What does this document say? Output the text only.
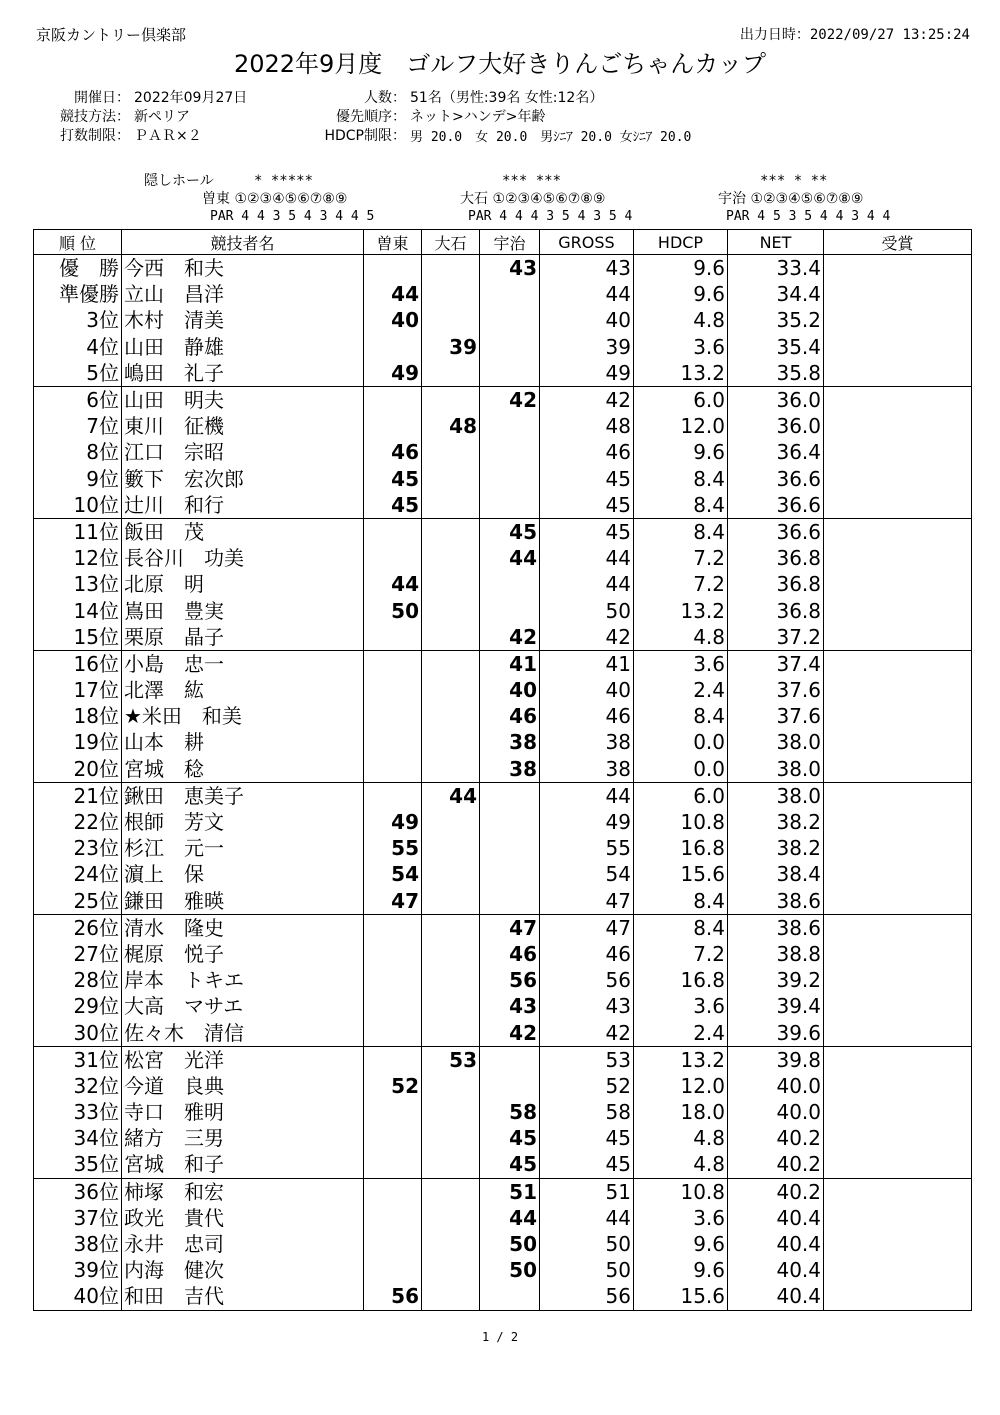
京阪カントリー倶楽部	出力日時：2022/09/27 13:25:24
2022年9月度　ゴルフ大好きりんごちゃんカップ
開催日： 2022年09月27日	人数： 51名（男性:39名 女性:12名）
競技方法： 新ペリア	優先順序： ネット>ハンデ>年齢
打数制限： ＰＡＲ×２	HDCP制限： 男 20.0　女 20.0　男ｼﾆｱ 20.0 女ｼﾆｱ 20.0
隠しホール	* *****
曽東 ①②③④⑤⑥⑦⑧⑨
PAR 4 4 3 5 4 3 4 4 5
*** ***
大石 ①②③④⑤⑥⑦⑧⑨
PAR 4 4 4 3 5 4 3 5 4
*** * **
宇治 ①②③④⑤⑥⑦⑧⑨
PAR 4 5 3 5 4 4 3 4 4
順 位	競技者名	曽東	大石	宇治	GROSS	HDCP	NET	受賞
優　勝	今西　和夫			43	43	9.6	33.4	
準優勝	立山　昌洋	44			44	9.6	34.4	
3位	木村　清美	40			40	4.8	35.2	
4位	山田　静雄		39		39	3.6	35.4	
5位	嶋田　礼子	49			49	13.2	35.8	
6位	山田　明夫			42	42	6.0	36.0	
7位	東川　征機		48		48	12.0	36.0	
8位	江口　宗昭	46			46	9.6	36.4	
9位	籔下　宏次郎	45			45	8.4	36.6	
10位	辻川　和行	45			45	8.4	36.6	
11位	飯田　茂			45	45	8.4	36.6	
12位	長谷川　功美			44	44	7.2	36.8	
13位	北原　明	44			44	7.2	36.8	
14位	嶌田　豊実	50			50	13.2	36.8	
15位	栗原　晶子			42	42	4.8	37.2	
16位	小島　忠一			41	41	3.6	37.4	
17位	北澤　紘			40	40	2.4	37.6	
18位	★米田　和美			46	46	8.4	37.6	
19位	山本　耕			38	38	0.0	38.0	
20位	宮城　稔			38	38	0.0	38.0	
21位	鍬田　恵美子		44		44	6.0	38.0	
22位	根師　芳文	49			49	10.8	38.2	
23位	杉江　元一	55			55	16.8	38.2	
24位	濵上　保	54			54	15.6	38.4	
25位	鎌田　雅暎	47			47	8.4	38.6	
26位	清水　隆史			47	47	8.4	38.6	
27位	梶原　悦子			46	46	7.2	38.8	
28位	岸本　トキエ			56	56	16.8	39.2	
29位	大高　マサエ			43	43	3.6	39.4	
30位	佐々木　清信			42	42	2.4	39.6	
31位	松宮　光洋		53		53	13.2	39.8	
32位	今道　良典	52			52	12.0	40.0	
33位	寺口　雅明			58	58	18.0	40.0	
34位	緒方　三男			45	45	4.8	40.2	
35位	宮城　和子			45	45	4.8	40.2	
36位	柿塚　和宏			51	51	10.8	40.2	
37位	政光　貴代			44	44	3.6	40.4	
38位	永井　忠司			50	50	9.6	40.4	
39位	内海　健次			50	50	9.6	40.4	
40位	和田　吉代	56			56	15.6	40.4	
1 / 2
